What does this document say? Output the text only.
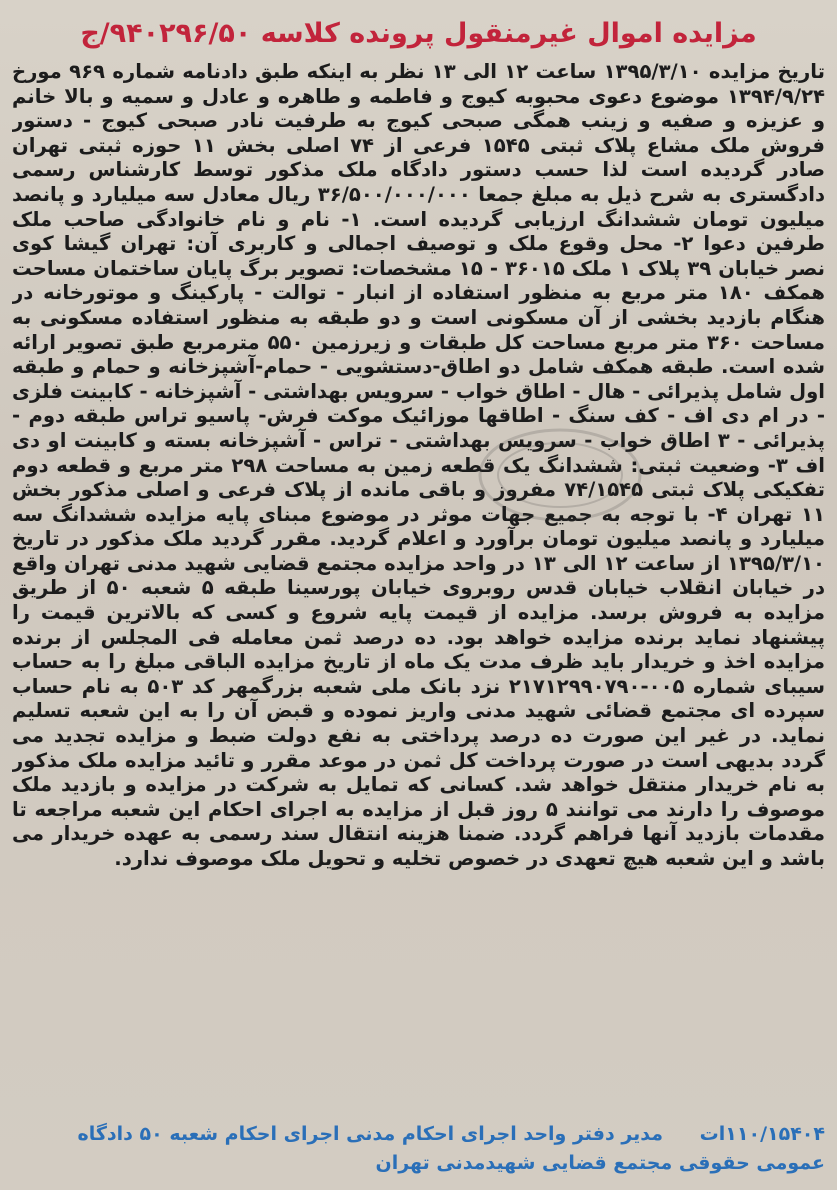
مزایده اموال غیرمنقول پرونده کلاسه ۹۴۰۲۹۶/۵۰/ج
تاریخ مزایده ۱۳۹۵/۳/۱۰ ساعت ۱۲ الی ۱۳ نظر به اینکه طبق دادنامه شماره ۹۶۹ مورخ ۱۳۹۴/۹/۲۴ موضوع دعوی محبوبه کیوج و فاطمه و طاهره و عادل و سمیه و بالا خانم و عزیزه و صفیه و زینب همگی صبحی کیوج به طرفیت نادر صبحی کیوج - دستور فروش ملک مشاع پلاک ثبتی ۱۵۴۵ فرعی از ۷۴ اصلی بخش ۱۱ حوزه ثبتی تهران صادر گردیده است لذا حسب دستور دادگاه ملک مذکور توسط کارشناس رسمی دادگستری به شرح ذیل به مبلغ جمعا ۳۶/۵۰۰/۰۰۰/۰۰۰ ریال معادل سه میلیارد و پانصد میلیون تومان ششدانگ ارزیابی گردیده است. ۱- نام و نام خانوادگی صاحب ملک طرفین دعوا ۲- محل وقوع ملک و توصیف اجمالی و کاربری آن: تهران گیشا کوی نصر خیابان ۳۹ پلاک ۱ ملک ۳۶۰۱۵ - ۱۵ مشخصات: تصویر برگ پایان ساختمان مساحت همکف ۱۸۰ متر مربع به منظور استفاده از انبار - توالت - پارکینگ و موتورخانه در هنگام بازدید بخشی از آن مسکونی است و دو طبقه به منظور استفاده مسکونی به مساحت ۳۶۰ متر مربع مساحت کل طبقات و زیرزمین ۵۵۰ مترمربع طبق تصویر ارائه شده است. طبقه همکف شامل دو اطاق-دستشویی - حمام-آشپزخانه و حمام و طبقه اول شامل پذیرائی - هال - اطاق خواب - سرویس بهداشتی - آشپزخانه - کابینت فلزی - در ام دی اف - کف سنگ - اطاقها موزائیک موکت فرش- پاسیو تراس طبقه دوم - پذیرائی - ۳ اطاق خواب - سرویس بهداشتی - تراس - آشپزخانه بسته و کابینت او دی اف ۳- وضعیت ثبتی: ششدانگ یک قطعه زمین به مساحت ۲۹۸ متر مربع و قطعه دوم تفکیکی پلاک ثبتی ۷۴/۱۵۴۵ مفروز و باقی مانده از پلاک فرعی و اصلی مذکور بخش ۱۱ تهران ۴- با توجه به جمیع جهات موثر در موضوع مبنای پایه مزایده ششدانگ سه میلیارد و پانصد میلیون تومان برآورد و اعلام گردید. مقرر گردید ملک مذکور در تاریخ ۱۳۹۵/۳/۱۰ از ساعت ۱۲ الی ۱۳ در واحد مزایده مجتمع قضایی شهید مدنی تهران واقع در خیابان انقلاب خیابان قدس روبروی خیابان پورسینا طبقه ۵ شعبه ۵۰ از طریق مزایده به فروش برسد. مزایده از قیمت پایه شروع و کسی که بالاترین قیمت را پیشنهاد نماید برنده مزایده خواهد بود. ده درصد ثمن معامله فی المجلس از برنده مزایده اخذ و خریدار باید ظرف مدت یک ماه از تاریخ مزایده الباقی مبلغ را به حساب سیبای شماره ۰۰۵-۲۱۷۱۲۹۹۰۷۹۰ نزد بانک ملی شعبه بزرگمهر کد ۵۰۳ به نام حساب سپرده ای مجتمع قضائی شهید مدنی واریز نموده و قبض آن را به این شعبه تسلیم نماید. در غیر این صورت ده درصد پرداختی به نفع دولت ضبط و مزایده تجدید می گردد بدیهی است در صورت پرداخت کل ثمن در موعد مقرر و تائید مزایده ملک مذکور به نام خریدار منتقل خواهد شد. کسانی که تمایل به شرکت در مزایده و بازدید ملک موصوف را دارند می توانند ۵ روز قبل از مزایده به اجرای احکام این شعبه مراجعه تا مقدمات بازدید آنها فراهم گردد. ضمنا هزینه انتقال سند رسمی به عهده خریدار می باشد و این شعبه هیچ تعهدی در خصوص تخلیه و تحویل ملک موصوف ندارد.
۱۱۰/۱۵۴۰۴ات مدیر دفتر واحد اجرای احکام مدنی اجرای احکام شعبه ۵۰ دادگاه عمومی حقوقی مجتمع قضایی شهیدمدنی تهران
